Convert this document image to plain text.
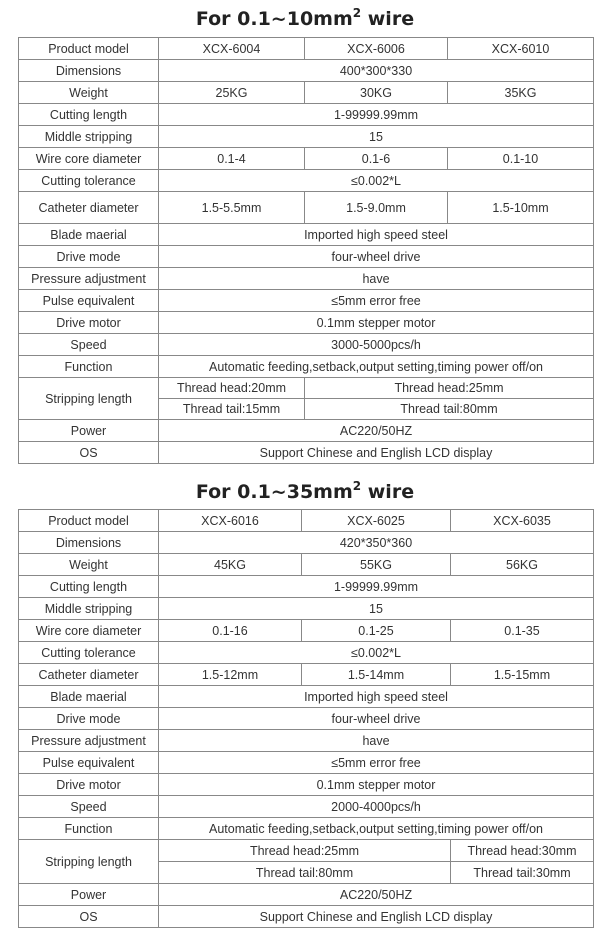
For $0.1\sim 10mm^2$ wire
Product model	XCX-6004	XCX-6006	XCX-6010
Dimensions	400*300*330		
Weight	25KG	30KG	35KG
Cutting length	1-99999.99mm		
Middle stripping	15		
Wire core diameter	0.1-4	0.1-6	0.1-10
Cutting tolerance	≤0.002*L		
Catheter diameter	1.5-5.5mm	1.5-9.0mm	1.5-10mm
Blade maerial	Imported high speed steel		
Drive mode	four-wheel drive		
Pressure adjustment	have		
Pulse equivalent	≤5mm error free		
Drive motor	0.1mm stepper motor		
Speed	3000-5000pcs/h		
Function	Automatic feeding,setback,output setting,timing power off/on		
Stripping length	Thread head:20mm	Thread head:25mm	
	Thread tail:15mm	Thread tail:80mm	
Power	AC220/50HZ		
OS	Support Chinese and English LCD display		
For $0.1\sim 35mm^2$ wire
Product model	XCX-6016	XCX-6025	XCX-6035
Dimensions	420*350*360		
Weight	45KG	55KG	56KG
Cutting length	1-99999.99mm		
Middle stripping	15		
Wire core diameter	0.1-16	0.1-25	0.1-35
Cutting tolerance	≤0.002*L		
Catheter diameter	1.5-12mm	1.5-14mm	1.5-15mm
Blade maerial	Imported high speed steel		
Drive mode	four-wheel drive		
Pressure adjustment	have		
Pulse equivalent	≤5mm error free		
Drive motor	0.1mm stepper motor		
Speed	2000-4000pcs/h		
Function	Automatic feeding,setback,output setting,timing power off/on		
Stripping length	Thread head:25mm		Thread head:30mm
	Thread tail:80mm		Thread tail:30mm
Power	AC220/50HZ		
OS	Support Chinese and English LCD display		
